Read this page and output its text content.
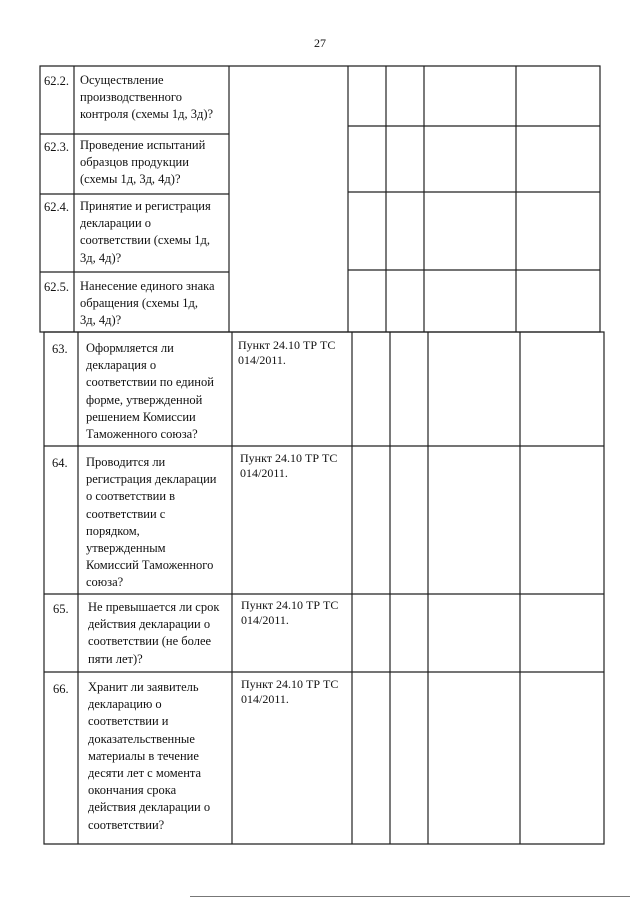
27
62.2. Осуществление
производственного
контроля (схемы 1д, 3д)?
62.3. Проведение испытаний
образцов продукции
(схемы 1д, 3д, 4д)?
62.4. Принятие и регистрация
декларации о
соответствии (схемы 1д,
3д, 4д)?
62.5. Нанесение единого знака
обращения (схемы 1д,
3д, 4д)?
63. Оформляется ли
декларация о
соответствии по единой
форме, утвержденной
решением Комиссии
Таможенного союза?
Пункт 24.10 ТР ТС
014/2011.
64. Проводится ли
регистрация декларации
о соответствии в
соответствии с
порядком,
утвержденным
Комиссий Таможенного
союза?
Пункт 24.10 ТР ТС
014/2011.
65. Не превышается ли срок
действия декларации о
соответствии (не более
пяти лет)?
Пункт 24.10 ТР ТС
014/2011.
66. Хранит ли заявитель
декларацию о
соответствии и
доказательственные
материалы в течение
десяти лет с момента
окончания срока
действия декларации о
соответствии?
Пункт 24.10 ТР ТС
014/2011.
